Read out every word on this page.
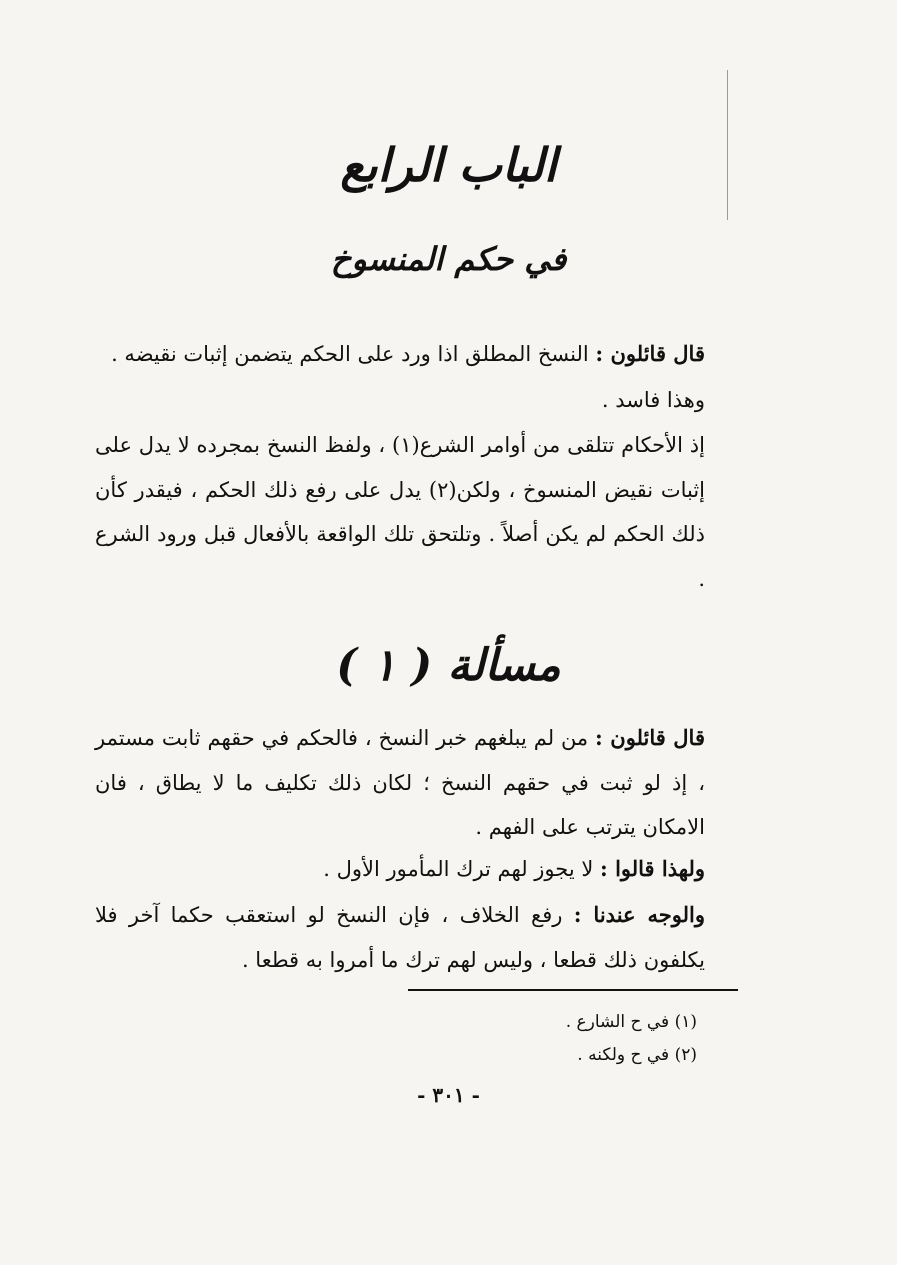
الباب الرابع
في حكم المنسوخ

قال قائلون : النسخ المطلق اذا ورد على الحكم يتضمن إثبات نقيضه .

وهذا فاسد .

إذ الأحكام تتلقى من أوامر الشرع(١) ، ولفظ النسخ بمجرده لا يدل على إثبات نقيض المنسوخ ، ولكن(٢) يدل على رفع ذلك الحكم ، فيقدر كأن ذلك الحكم لم يكن أصلاً . وتلتحق تلك الواقعة بالأفعال قبل ورود الشرع .

مسألة ( ١ )

قال قائلون : من لم يبلغهم خبر النسخ ، فالحكم في حقهم ثابت مستمر ، إذ لو ثبت في حقهم النسخ ؛ لكان ذلك تكليف ما لا يطاق ، فان الامكان يترتب على الفهم .

ولهذا قالوا : لا يجوز لهم ترك المأمور الأول .

والوجه عندنا : رفع الخلاف ، فإن النسخ لو استعقب حكما آخر فلا يكلفون ذلك قطعا ، وليس لهم ترك ما أمروا به قطعا .

(١) في ح الشارع .
(٢) في ح ولكنه .
- ٣٠١ -
